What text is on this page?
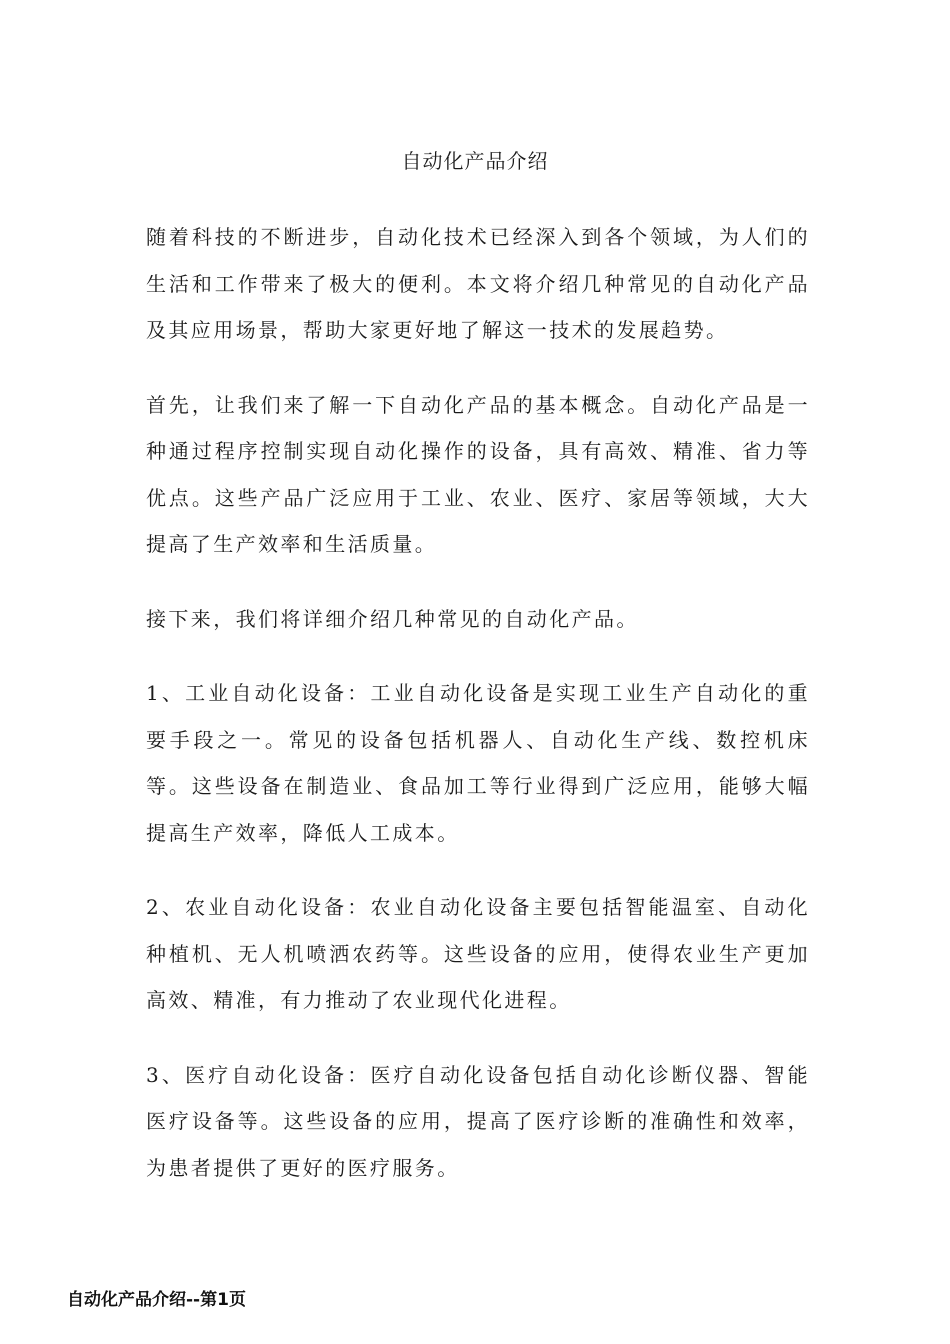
自动化产品介绍

随着科技的不断进步，自动化技术已经深入到各个领域，为人们的生活和工作带来了极大的便利。本文将介绍几种常见的自动化产品及其应用场景，帮助大家更好地了解这一技术的发展趋势。

首先，让我们来了解一下自动化产品的基本概念。自动化产品是一种通过程序控制实现自动化操作的设备，具有高效、精准、省力等优点。这些产品广泛应用于工业、农业、医疗、家居等领域，大大提高了生产效率和生活质量。

接下来，我们将详细介绍几种常见的自动化产品。

1、工业自动化设备：工业自动化设备是实现工业生产自动化的重要手段之一。常见的设备包括机器人、自动化生产线、数控机床等。这些设备在制造业、食品加工等行业得到广泛应用，能够大幅提高生产效率，降低人工成本。

2、农业自动化设备：农业自动化设备主要包括智能温室、自动化种植机、无人机喷洒农药等。这些设备的应用，使得农业生产更加高效、精准，有力推动了农业现代化进程。

3、医疗自动化设备：医疗自动化设备包括自动化诊断仪器、智能医疗设备等。这些设备的应用，提高了医疗诊断的准确性和效率，为患者提供了更好的医疗服务。

自动化产品介绍--第1页
